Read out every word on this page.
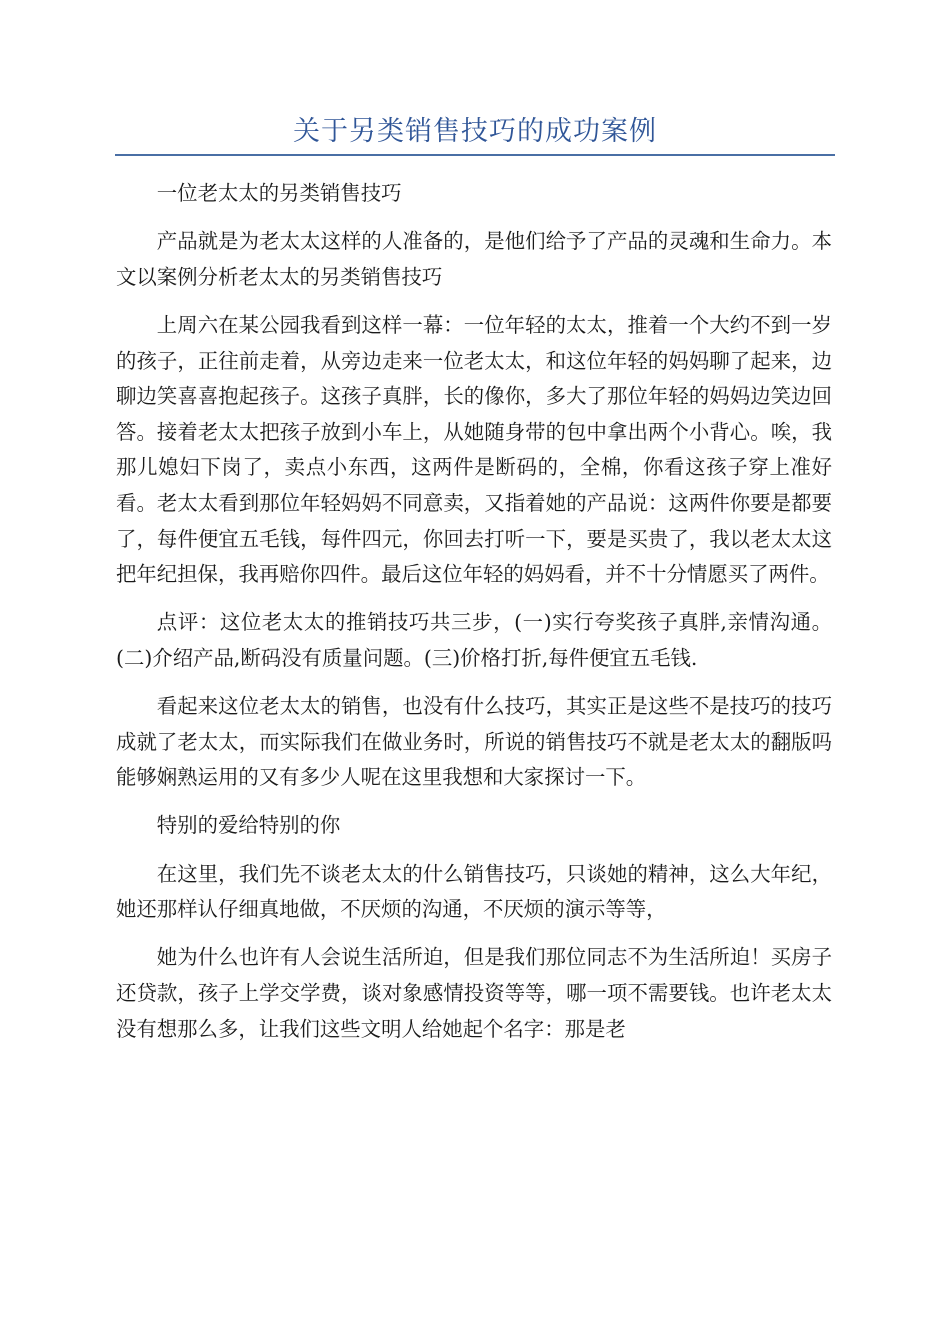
关于另类销售技巧的成功案例

一位老太太的另类销售技巧

产品就是为老太太这样的人准备的，是他们给予了产品的灵魂和生命力。本文以案例分析老太太的另类销售技巧

上周六在某公园我看到这样一幕：一位年轻的太太，推着一个大约不到一岁的孩子，正往前走着，从旁边走来一位老太太，和这位年轻的妈妈聊了起来，边聊边笑喜喜抱起孩子。这孩子真胖，长的像你，多大了那位年轻的妈妈边笑边回答。接着老太太把孩子放到小车上，从她随身带的包中拿出两个小背心。唉，我那儿媳妇下岗了，卖点小东西，这两件是断码的，全棉，你看这孩子穿上准好看。老太太看到那位年轻妈妈不同意卖，又指着她的产品说：这两件你要是都要了，每件便宜五毛钱，每件四元，你回去打听一下，要是买贵了，我以老太太这把年纪担保，我再赔你四件。最后这位年轻的妈妈看，并不十分情愿买了两件。

点评：这位老太太的推销技巧共三步，(一)实行夸奖孩子真胖,亲情沟通。(二)介绍产品,断码没有质量问题。(三)价格打折,每件便宜五毛钱.

看起来这位老太太的销售，也没有什么技巧，其实正是这些不是技巧的技巧成就了老太太，而实际我们在做业务时，所说的销售技巧不就是老太太的翻版吗能够娴熟运用的又有多少人呢在这里我想和大家探讨一下。

特别的爱给特别的你

在这里，我们先不谈老太太的什么销售技巧，只谈她的精神，这么大年纪，她还那样认仔细真地做，不厌烦的沟通，不厌烦的演示等等，

她为什么也许有人会说生活所迫，但是我们那位同志不为生活所迫！买房子还贷款，孩子上学交学费，谈对象感情投资等等，哪一项不需要钱。也许老太太没有想那么多，让我们这些文明人给她起个名字：那是老
